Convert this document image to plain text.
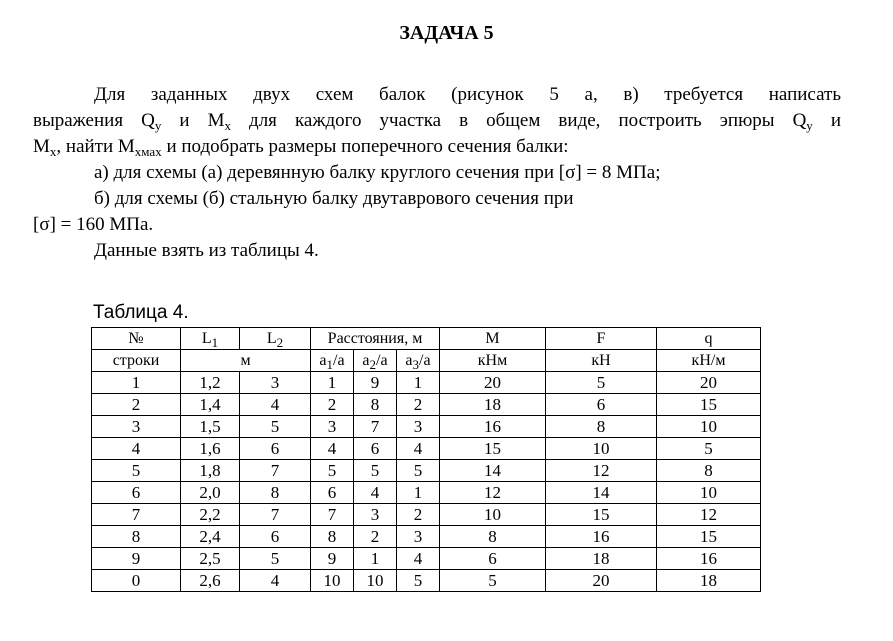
ЗАДАЧА 5
Для заданных двух схем балок (рисунок 5 а, в) требуется написать
выражения $Q_y$ и $M_x$ для каждого участка в общем виде, построить эпюры $Q_y$ и
$M_x$, найти $M_{xмах}$ и подобрать размеры поперечного сечения балки:
а) для схемы (а) деревянную балку круглого сечения при [σ] = 8 МПа;
б) для схемы (б) стальную балку двутаврового сечения при
[σ] = 160 МПа.
Данные взять из таблицы 4.
Таблица 4.
№	$L_1$	$L_2$	Расстояния, м			M	F	q
строки	м		$a_1/a$	$a_2/a$	$a_3/a$	кНм	кН	кН/м
1	1,2	3	1	9	1	20	5	20
2	1,4	4	2	8	2	18	6	15
3	1,5	5	3	7	3	16	8	10
4	1,6	6	4	6	4	15	10	5
5	1,8	7	5	5	5	14	12	8
6	2,0	8	6	4	1	12	14	10
7	2,2	7	7	3	2	10	15	12
8	2,4	6	8	2	3	8	16	15
9	2,5	5	9	1	4	6	18	16
0	2,6	4	10	10	5	5	20	18
